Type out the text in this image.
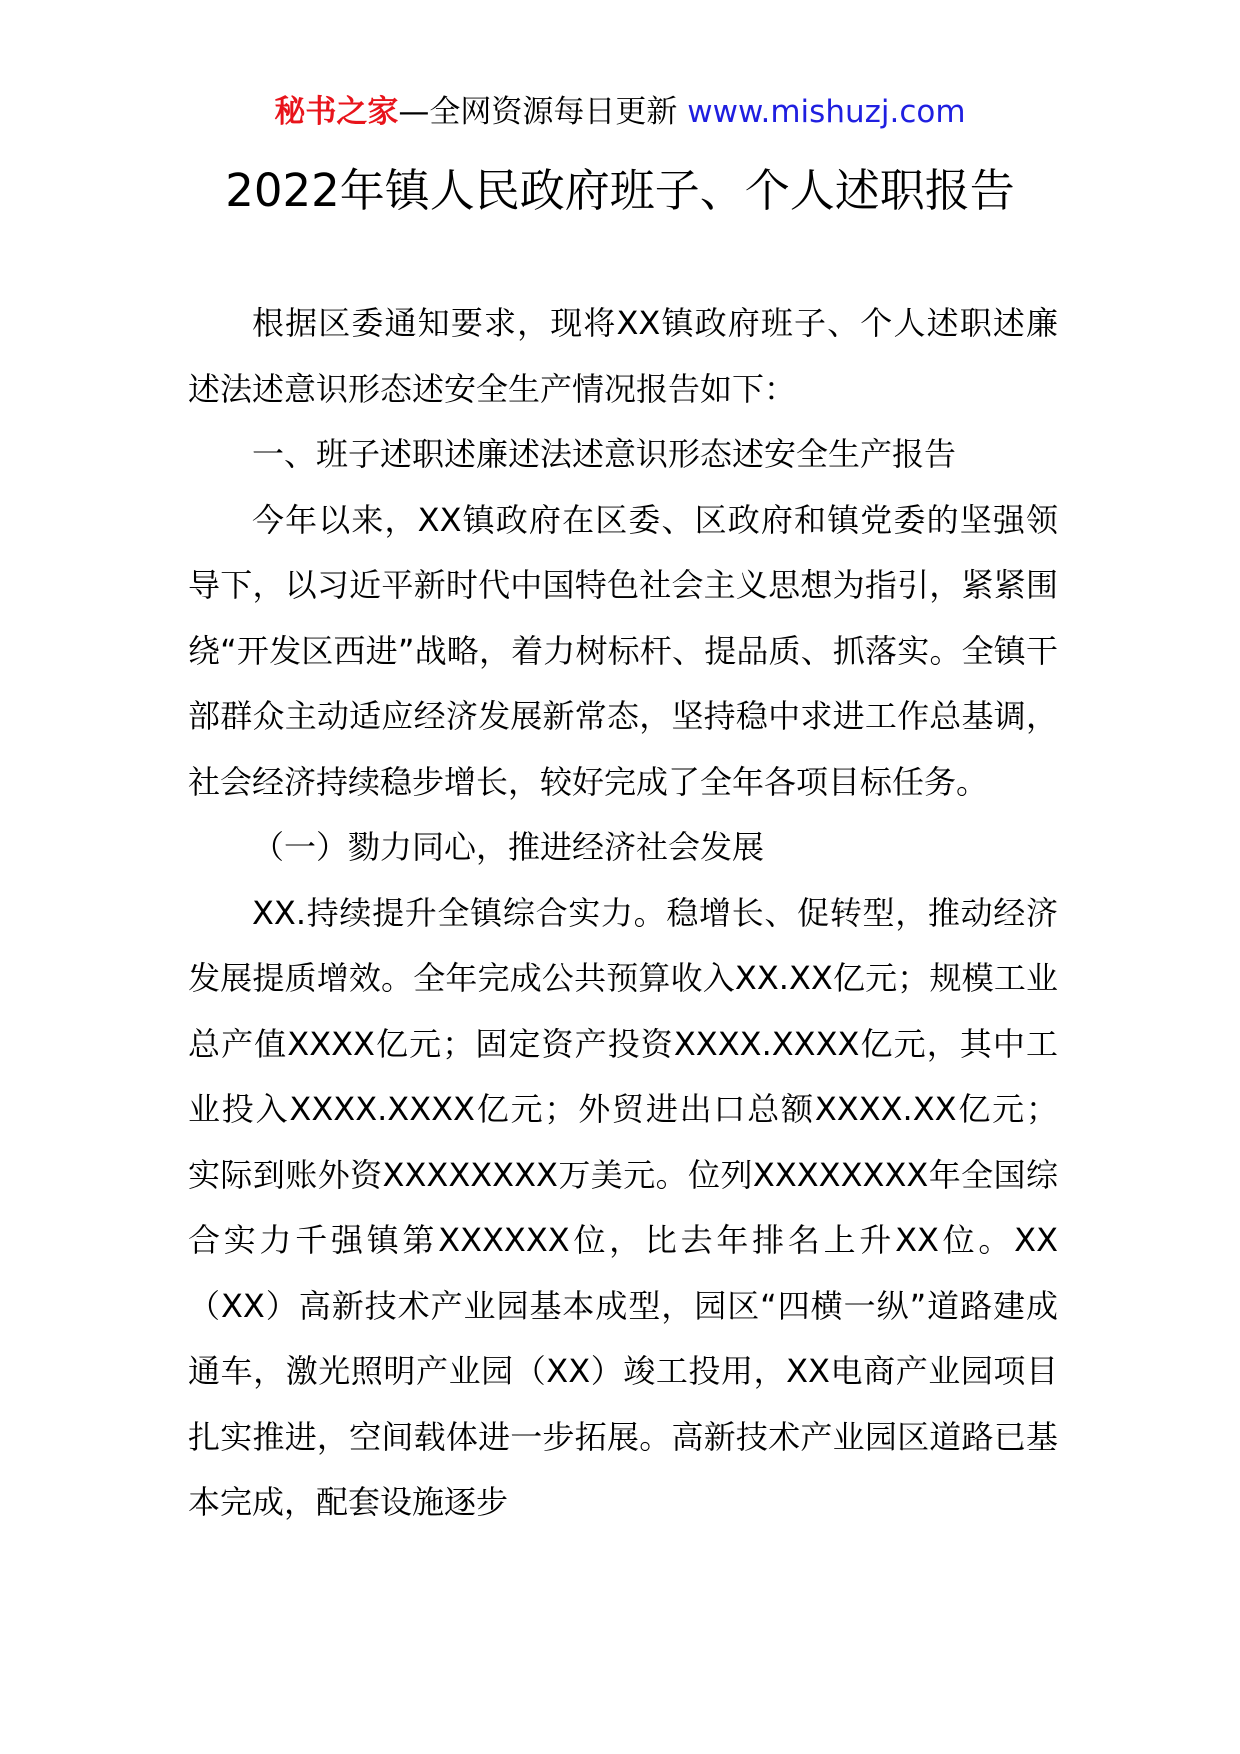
秘书之家—全网资源每日更新 www.mishuzj.com
2022年镇人民政府班子、个人述职报告

根据区委通知要求，现将XX镇政府班子、个人述职述廉述法述意识形态述安全生产情况报告如下：

一、班子述职述廉述法述意识形态述安全生产报告

今年以来，XX镇政府在区委、区政府和镇党委的坚强领导下，以习近平新时代中国特色社会主义思想为指引，紧紧围绕“开发区西进”战略，着力树标杆、提品质、抓落实。全镇干部群众主动适应经济发展新常态，坚持稳中求进工作总基调，社会经济持续稳步增长，较好完成了全年各项目标任务。

（一）勠力同心，推进经济社会发展

XX.持续提升全镇综合实力。稳增长、促转型，推动经济发展提质增效。全年完成公共预算收入XX.XX亿元；规模工业总产值XXXX亿元；固定资产投资XXXX.XXXX亿元，其中工业投入XXXX.XXXX亿元；外贸进出口总额XXXX.XX亿元；实际到账外资XXXXXXXX万美元。位列XXXXXXXX年全国综合实力千强镇第XXXXXX位，比去年排名上升XX位。XX（XX）高新技术产业园基本成型，园区“四横一纵”道路建成通车，激光照明产业园（XX）竣工投用，XX电商产业园项目扎实推进，空间载体进一步拓展。高新技术产业园区道路已基本完成，配套设施逐步
